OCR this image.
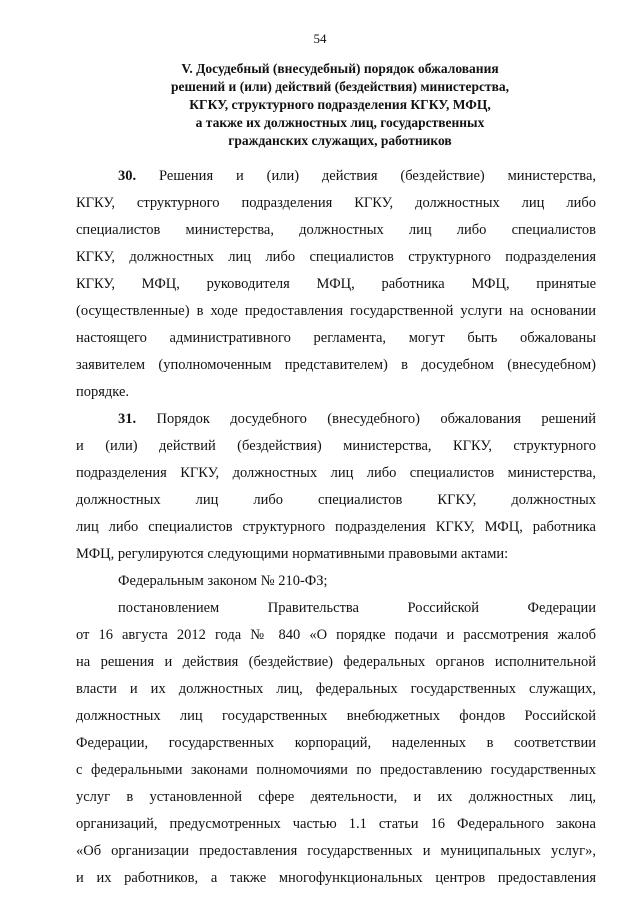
54
V. Досудебный (внесудебный) порядок обжалования
решений и (или) действий (бездействия) министерства,
КГКУ, структурного подразделения КГКУ, МФЦ,
а также их должностных лиц, государственных
гражданских служащих, работников
30. Решения и (или) действия (бездействие) министерства,
КГКУ, структурного подразделения КГКУ, должностных лиц либо
специалистов министерства, должностных лиц либо специалистов
КГКУ, должностных лиц либо специалистов структурного подразделения
КГКУ, МФЦ, руководителя МФЦ, работника МФЦ, принятые
(осуществленные) в ходе предоставления государственной услуги на основании
настоящего административного регламента, могут быть обжалованы
заявителем (уполномоченным представителем) в досудебном (внесудебном)
порядке.
31. Порядок досудебного (внесудебного) обжалования решений
и (или) действий (бездействия) министерства, КГКУ, структурного
подразделения КГКУ, должностных лиц либо специалистов министерства,
должностных лиц либо специалистов КГКУ, должностных
лиц либо специалистов структурного подразделения КГКУ, МФЦ, работника
МФЦ, регулируются следующими нормативными правовыми актами:
Федеральным законом № 210-ФЗ;
постановлением Правительства Российской Федерации
от 16 августа 2012 года № 840 «О порядке подачи и рассмотрения жалоб
на решения и действия (бездействие) федеральных органов исполнительной
власти и их должностных лиц, федеральных государственных служащих,
должностных лиц государственных внебюджетных фондов Российской
Федерации, государственных корпораций, наделенных в соответствии
с федеральными законами полномочиями по предоставлению государственных
услуг в установленной сфере деятельности, и их должностных лиц,
организаций, предусмотренных частью 1.1 статьи 16 Федерального закона
«Об организации предоставления государственных и муниципальных услуг»,
и их работников, а также многофункциональных центров предоставления
